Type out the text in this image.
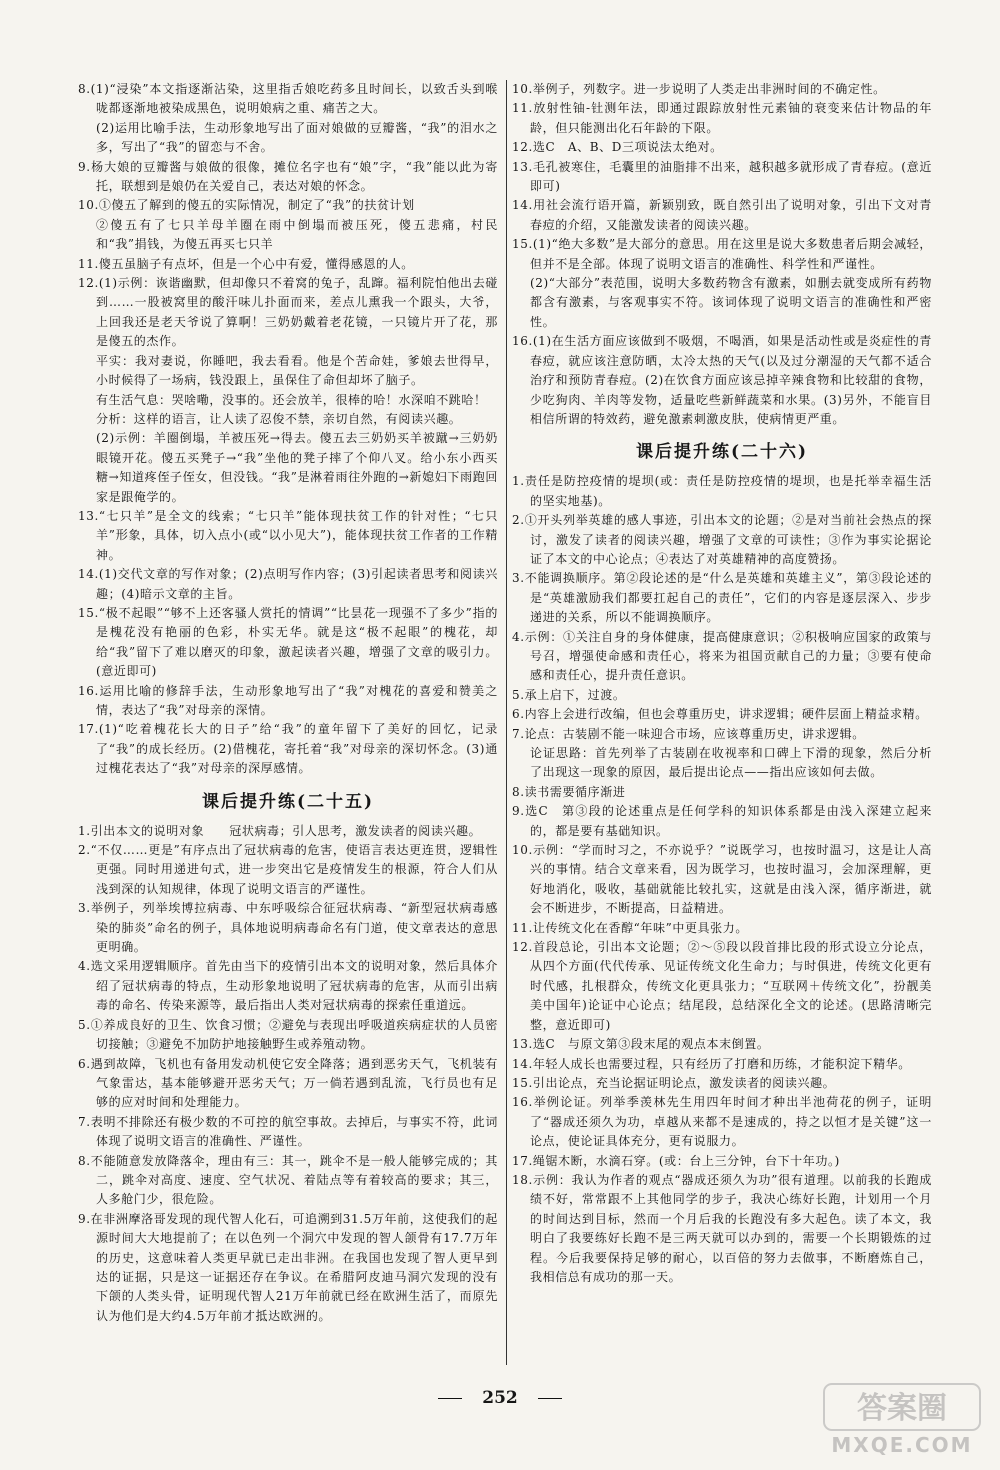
8.(1)“浸染”本文指逐渐沾染，这里指舌娘吃药多且时间长，以致舌头到喉咙都逐渐地被染成黑色，说明娘病之重、痛苦之大。
(2)运用比喻手法，生动形象地写出了面对娘做的豆瓣酱，“我”的泪水之多，写出了“我”的留恋与不舍。
9.杨大娘的豆瓣酱与娘做的很像，摊位名字也有“娘”字，“我”能以此为寄托，联想到是娘仍在关爱自己，表达对娘的怀念。
10.①傻五了解到的傻五的实际情况，制定了“我”的扶贫计划
②傻五有了七只羊母羊圈在雨中倒塌而被压死，傻五悲痛，村民和“我”捐钱，为傻五再买七只羊
11.傻五虽脑子有点坏，但是一个心中有爱，懂得感恩的人。
12.(1)示例：诙谐幽默，但却像只不着窝的兔子，乱蹿。福利院怕他出去碰到……一股被窝里的酸汗味儿扑面而来，差点儿熏我一个跟头，大爷，上回我还是老天爷说了算啊！三奶奶戴着老花镜，一只镜片开了花，那是傻五的杰作。
平实：我对妻说，你睡吧，我去看看。他是个苦命娃，爹娘去世得早，小时候得了一场病，钱没跟上，虽保住了命但却坏了脑子。
有生活气息：哭啥嘞，没事的。还会放羊，很棒的哈！水深咱不跳哈！
分析：这样的语言，让人读了忍俊不禁，亲切自然，有阅读兴趣。
(2)示例：羊圈倒塌，羊被压死→得去。傻五去三奶奶买羊被蹴→三奶奶眼镜开花。傻五买凳子→“我”坐他的凳子摔了个仰八叉。给小东小西买糖→知道疼侄子侄女，但没钱。“我”是淋着雨往外跑的→新媳妇下雨跑回家是跟俺学的。
13.“七只羊”是全文的线索；“七只羊”能体现扶贫工作的针对性；“七只羊”形象，具体，切入点小(或“以小见大”)，能体现扶贫工作者的工作精神。
14.(1)交代文章的写作对象；(2)点明写作内容；(3)引起读者思考和阅读兴趣；(4)暗示文章的主旨。
15.“极不起眼”“够不上还客骚人赏托的情调”“比昙花一现强不了多少”指的是槐花没有艳丽的色彩，朴实无华。就是这“极不起眼”的槐花，却给“我”留下了难以磨灭的印象，激起读者兴趣，增强了文章的吸引力。(意近即可)
16.运用比喻的修辞手法，生动形象地写出了“我”对槐花的喜爱和赞美之情，表达了“我”对母亲的深情。
17.(1)“吃着槐花长大的日子”给“我”的童年留下了美好的回忆，记录了“我”的成长经历。(2)借槐花，寄托着“我”对母亲的深切怀念。(3)通过槐花表达了“我”对母亲的深厚感情。
课后提升练(二十五)
1.引出本文的说明对象　　冠状病毒；引人思考，激发读者的阅读兴趣。
2.“不仅……更是”有序点出了冠状病毒的危害，使语言表达更连贯，逻辑性更强。同时用递进句式，进一步突出它是疫情发生的根源，符合人们从浅到深的认知规律，体现了说明文语言的严谨性。
3.举例子，列举埃博拉病毒、中东呼吸综合征冠状病毒、“新型冠状病毒感染的肺炎”命名的例子，具体地说明病毒命名有门道，使文章表达的意思更明确。
4.选文采用逻辑顺序。首先由当下的疫情引出本文的说明对象，然后具体介绍了冠状病毒的特点，生动形象地说明了冠状病毒的危害，从而引出病毒的命名、传染来源等，最后指出人类对冠状病毒的探索任重道远。
5.①养成良好的卫生、饮食习惯；②避免与表现出呼吸道疾病症状的人员密切接触；③避免不加防护地接触野生或养殖动物。
6.遇到故障，飞机也有备用发动机使它安全降落；遇到恶劣天气，飞机装有气象雷达，基本能够避开恶劣天气；万一倘若遇到乱流，飞行员也有足够的应对时间和处理能力。
7.表明不排除还有极少数的不可控的航空事故。去掉后，与事实不符，此词体现了说明文语言的准确性、严谨性。
8.不能随意发放降落伞，理由有三：其一，跳伞不是一般人能够完成的；其二，跳伞对高度、速度、空气状况、着陆点等有着较高的要求；其三，人多舱门少，很危险。
9.在非洲摩洛哥发现的现代智人化石，可追溯到31.5万年前，这使我们的起源时间大大地提前了；在以色列一个洞穴中发现的智人颌骨有17.7万年的历史，这意味着人类更早就已走出非洲。在我国也发现了智人更早到达的证据，只是这一证据还存在争议。在希腊阿皮迪马洞穴发现的没有下颌的人类头骨，证明现代智人21万年前就已经在欧洲生活了，而原先认为他们是大约4.5万年前才抵达欧洲的。
10.举例子，列数字。进一步说明了人类走出非洲时间的不确定性。
11.放射性铀-钍测年法，即通过跟踪放射性元素铀的衰变来估计物品的年龄，但只能测出化石年龄的下限。
12.选C　A、B、D三项说法太绝对。
13.毛孔被寒住，毛囊里的油脂排不出来，越积越多就形成了青春痘。(意近即可)
14.用社会流行语开篇，新颖别致，既自然引出了说明对象，引出下文对青春痘的介绍，又能激发读者的阅读兴趣。
15.(1)“绝大多数”是大部分的意思。用在这里是说大多数患者后期会减轻，但并不是全部。体现了说明文语言的准确性、科学性和严谨性。
(2)“大部分”表范围，说明大多数药物含有激素，如删去就变成所有药物都含有激素，与客观事实不符。该词体现了说明文语言的准确性和严密性。
16.(1)在生活方面应该做到不吸烟，不喝酒，如果是活动性或是炎症性的青春痘，就应该注意防晒，太冷太热的天气(以及过分潮湿的天气都不适合治疗和预防青春痘。(2)在饮食方面应该忌掉辛辣食物和比较甜的食物，少吃狗肉、羊肉等发物，适量吃些新鲜蔬菜和水果。(3)另外，不能盲目相信所谓的特效药，避免激素刺激皮肤，使病情更严重。
课后提升练(二十六)
1.责任是防控疫情的堤坝(或：责任是防控疫情的堤坝，也是托举幸福生活的坚实地基)。
2.①开头列举英雄的感人事迹，引出本文的论题；②是对当前社会热点的探讨，激发了读者的阅读兴趣，增强了文章的可读性；③作为事实论据论证了本文的中心论点；④表达了对英雄精神的高度赞扬。
3.不能调换顺序。第②段论述的是“什么是英雄和英雄主义”，第③段论述的是“英雄激励我们都要扛起自己的责任”，它们的内容是逐层深入、步步递进的关系，所以不能调换顺序。
4.示例：①关注自身的身体健康，提高健康意识；②积极响应国家的政策与号召，增强使命感和责任心，将来为祖国贡献自己的力量；③要有使命感和责任心，提升责任意识。
5.承上启下，过渡。
6.内容上会进行改编，但也会尊重历史，讲求逻辑；硬件层面上精益求精。
7.论点：古装剧不能一味迎合市场，应该尊重历史，讲求逻辑。
论证思路：首先列举了古装剧在收视率和口碑上下滑的现象，然后分析了出现这一现象的原因，最后提出论点——指出应该如何去做。
8.读书需要循序渐进
9.选C　第③段的论述重点是任何学科的知识体系都是由浅入深建立起来的，都是要有基础知识。
10.示例：“学而时习之，不亦说乎？”说既学习，也按时温习，这是让人高兴的事情。结合文章来看，因为既学习，也按时温习，会加深理解，更好地消化，吸收，基础就能比较扎实，这就是由浅入深，循序渐进，就会不断进步，不断提高，日益精进。
11.让传统文化在香醇“年味”中更具张力。
12.首段总论，引出本文论题；②～⑤段以段首排比段的形式设立分论点，从四个方面(代代传承、见证传统文化生命力；与时俱进，传统文化更有时代感，扎根群众，传统文化更具张力；“互联网＋传统文化”，扮靓美美中国年)论证中心论点；结尾段，总结深化全文的论述。(思路清晰完整，意近即可)
13.选C　与原文第③段末尾的观点本末倒置。
14.年轻人成长也需要过程，只有经历了打磨和历练，才能积淀下精华。
15.引出论点，充当论据证明论点，激发读者的阅读兴趣。
16.举例论证。列举季羡林先生用四年时间才种出半池荷花的例子，证明了“器成还须久为功，卓越从来都不是速成的，持之以恒才是关键”这一论点，使论证具体充分，更有说服力。
17.绳锯木断，水滴石穿。(或：台上三分钟，台下十年功。)
18.示例：我认为作者的观点“器成还须久为功”很有道理。以前我的长跑成绩不好，常常跟不上其他同学的步子，我决心练好长跑，计划用一个月的时间达到目标，然而一个月后我的长跑没有多大起色。读了本文，我明白了我要练好长跑不是三两天就可以办到的，需要一个长期锻炼的过程。今后我要保持足够的耐心，以百倍的努力去做事，不断磨炼自己，我相信总有成功的那一天。
252	答案圈
MXQE.COM
